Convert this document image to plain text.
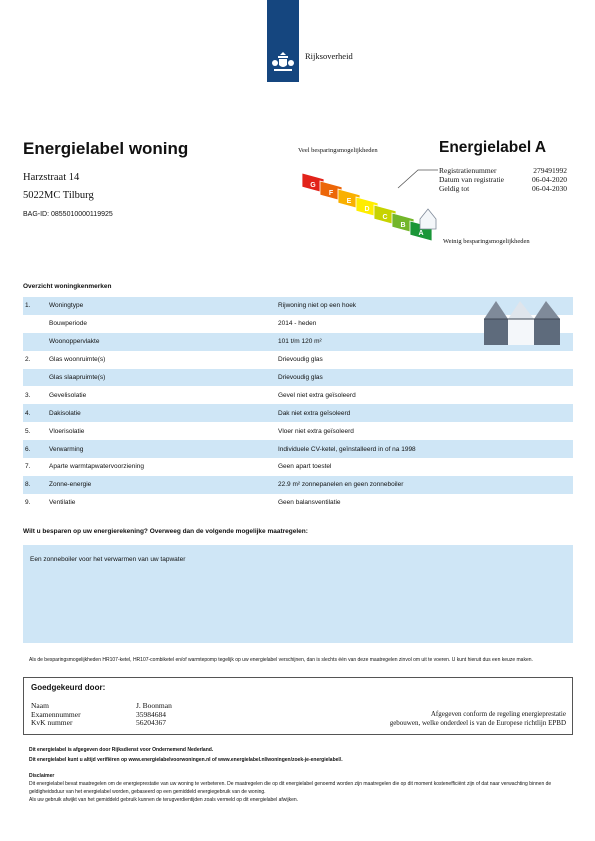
Rijksoverheid
Energielabel woning
Harzstraat 14
5022MC Tilburg
BAG-ID: 0855010000119925
Veel besparingsmogelijkheden
G
F
E
D
C
B
A
Weinig besparingsmogelijkheden
Energielabel A
Registratienummer	279491992
Datum van registratie	06-04-2020
Geldig tot	06-04-2030
Overzicht woningkenmerken
1.	Woningtype	Rijwoning niet op een hoek
Bouwperiode	2014 - heden
Woonoppervlakte	101 t/m 120 m²
2.	Glas woonruimte(s)	Drievoudig glas
Glas slaapruimte(s)	Drievoudig glas
3.	Gevelisolatie	Gevel niet extra geïsoleerd
4.	Dakisolatie	Dak niet extra geïsoleerd
5.	Vloerisolatie	Vloer niet extra geïsoleerd
6.	Verwarming	Individuele CV-ketel, geïnstalleerd in of na 1998
7.	Aparte warmtapwatervoorziening	Geen apart toestel
8.	Zonne-energie	22.9 m² zonnepanelen en geen zonneboiler
9.	Ventilatie	Geen balansventilatie
Wilt u besparen op uw energierekening? Overweeg dan de volgende mogelijke maatregelen:
Een zonneboiler voor het verwarmen van uw tapwater
Als de besparingsmogelijkheden HR107-ketel, HR107-combiketel en/of warmtepomp tegelijk op uw energielabel verschijnen, dan is slechts één van deze maatregelen zinvol om uit te voeren. U kunt hieruit dus een keuze maken.
Goedgekeurd door:
Naam	J. Boonman
Examennummer	35984684
KvK nummer	56204367
Afgegeven conform de regeling energieprestatie
gebouwen, welke onderdeel is van de Europese richtlijn EPBD
Dit energielabel is afgegeven door Rijksdienst voor Ondernemend Nederland.
Dit energielabel kunt u altijd verifiëren op www.energielabelvoorwoningen.nl of www.energielabel.nl/woningen/zoek-je-energielabel/.
Disclaimer
Dit energielabel bevat maatregelen om de energieprestatie van uw woning te verbeteren. De maatregelen die op dit energielabel genoemd worden zijn maatregelen die op dit moment kostenefficiënt zijn of dat naar verwachting binnen de geldigheidsduur van het energielabel worden, gebaseerd op een gemiddeld energiegebruik van de woning.
Als uw gebruik afwijkt van het gemiddeld gebruik kunnen de terugverdientijden zoals vermeld op dit energielabel afwijken.
